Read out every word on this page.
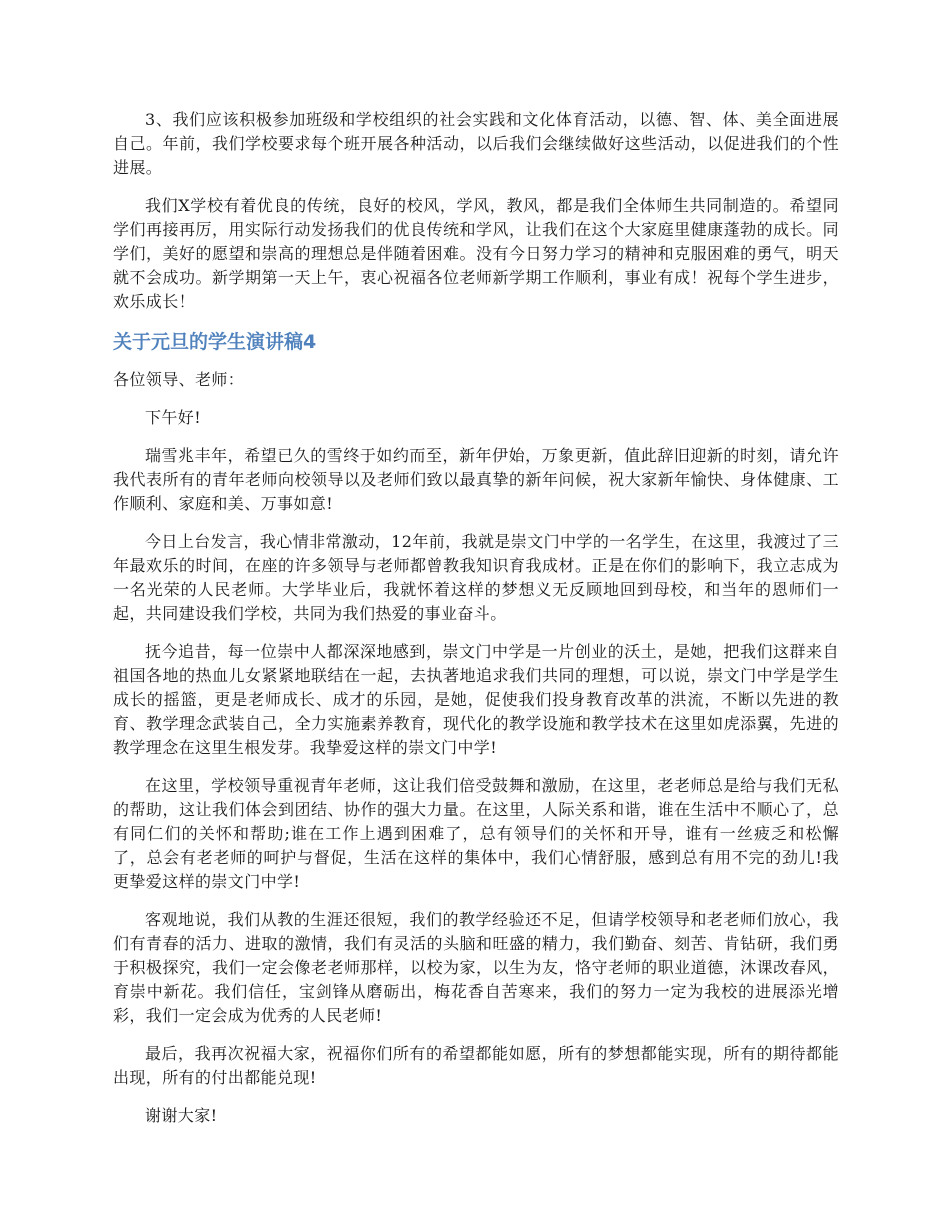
3、我们应该积极参加班级和学校组织的社会实践和文化体育活动，以德、智、体、美全面进展自己。年前，我们学校要求每个班开展各种活动，以后我们会继续做好这些活动，以促进我们的个性进展。

我们X学校有着优良的传统，良好的校风，学风，教风，都是我们全体师生共同制造的。希望同学们再接再厉，用实际行动发扬我们的优良传统和学风，让我们在这个大家庭里健康蓬勃的成长。同学们，美好的愿望和崇高的理想总是伴随着困难。没有今日努力学习的精神和克服困难的勇气，明天就不会成功。新学期第一天上午，衷心祝福各位老师新学期工作顺利，事业有成！祝每个学生进步，欢乐成长！

关于元旦的学生演讲稿4

各位领导、老师：

下午好!

瑞雪兆丰年，希望已久的雪终于如约而至，新年伊始，万象更新，值此辞旧迎新的时刻，请允许我代表所有的青年老师向校领导以及老师们致以最真挚的新年问候，祝大家新年愉快、身体健康、工作顺利、家庭和美、万事如意!

今日上台发言，我心情非常激动，12年前，我就是崇文门中学的一名学生，在这里，我渡过了三年最欢乐的时间，在座的许多领导与老师都曾教我知识育我成材。正是在你们的影响下，我立志成为一名光荣的人民老师。大学毕业后，我就怀着这样的梦想义无反顾地回到母校，和当年的恩师们一起，共同建设我们学校，共同为我们热爱的事业奋斗。

抚今追昔，每一位崇中人都深深地感到，崇文门中学是一片创业的沃土，是她，把我们这群来自祖国各地的热血儿女紧紧地联结在一起，去执著地追求我们共同的理想，可以说，崇文门中学是学生成长的摇篮，更是老师成长、成才的乐园，是她，促使我们投身教育改革的洪流，不断以先进的教育、教学理念武装自己，全力实施素养教育，现代化的教学设施和教学技术在这里如虎添翼，先进的教学理念在这里生根发芽。我挚爱这样的崇文门中学!

在这里，学校领导重视青年老师，这让我们倍受鼓舞和激励，在这里，老老师总是给与我们无私的帮助，这让我们体会到团结、协作的强大力量。在这里，人际关系和谐，谁在生活中不顺心了，总有同仁们的关怀和帮助;谁在工作上遇到困难了，总有领导们的关怀和开导，谁有一丝疲乏和松懈了，总会有老老师的呵护与督促，生活在这样的集体中，我们心情舒服，感到总有用不完的劲儿!我更挚爱这样的崇文门中学!

客观地说，我们从教的生涯还很短，我们的教学经验还不足，但请学校领导和老老师们放心，我们有青春的活力、进取的激情，我们有灵活的头脑和旺盛的精力，我们勤奋、刻苦、肯钻研，我们勇于积极探究，我们一定会像老老师那样，以校为家，以生为友，恪守老师的职业道德，沐课改春风，育崇中新花。我们信任，宝剑锋从磨砺出，梅花香自苦寒来，我们的努力一定为我校的进展添光增彩，我们一定会成为优秀的人民老师!

最后，我再次祝福大家，祝福你们所有的希望都能如愿，所有的梦想都能实现，所有的期待都能出现，所有的付出都能兑现!

谢谢大家!
